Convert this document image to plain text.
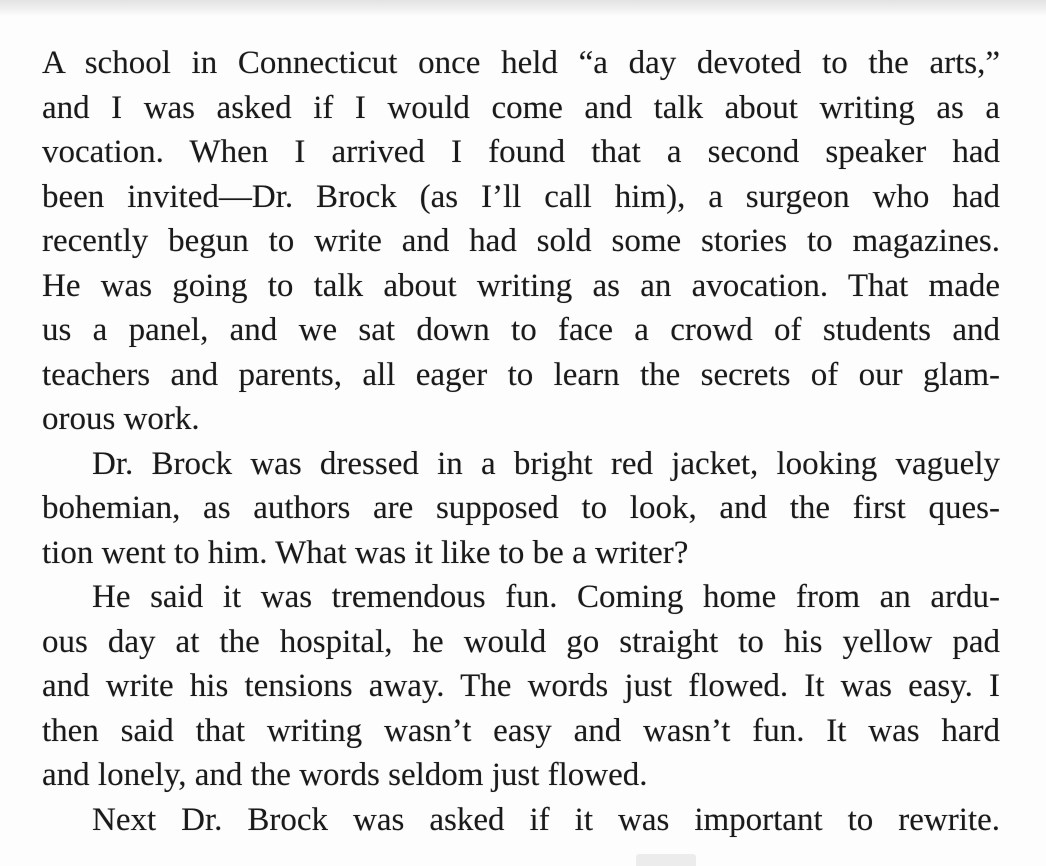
A school in Connecticut once held “a day devoted to the arts,”
and I was asked if I would come and talk about writing as a
vocation. When I arrived I found that a second speaker had
been invited—Dr. Brock (as I’ll call him), a surgeon who had
recently begun to write and had sold some stories to magazines.
He was going to talk about writing as an avocation. That made
us a panel, and we sat down to face a crowd of students and
teachers and parents, all eager to learn the secrets of our glam-
orous work.
Dr. Brock was dressed in a bright red jacket, looking vaguely
bohemian, as authors are supposed to look, and the first ques-
tion went to him. What was it like to be a writer?
He said it was tremendous fun. Coming home from an ardu-
ous day at the hospital, he would go straight to his yellow pad
and write his tensions away. The words just flowed. It was easy. I
then said that writing wasn’t easy and wasn’t fun. It was hard
and lonely, and the words seldom just flowed.
Next Dr. Brock was asked if it was important to rewrite.
